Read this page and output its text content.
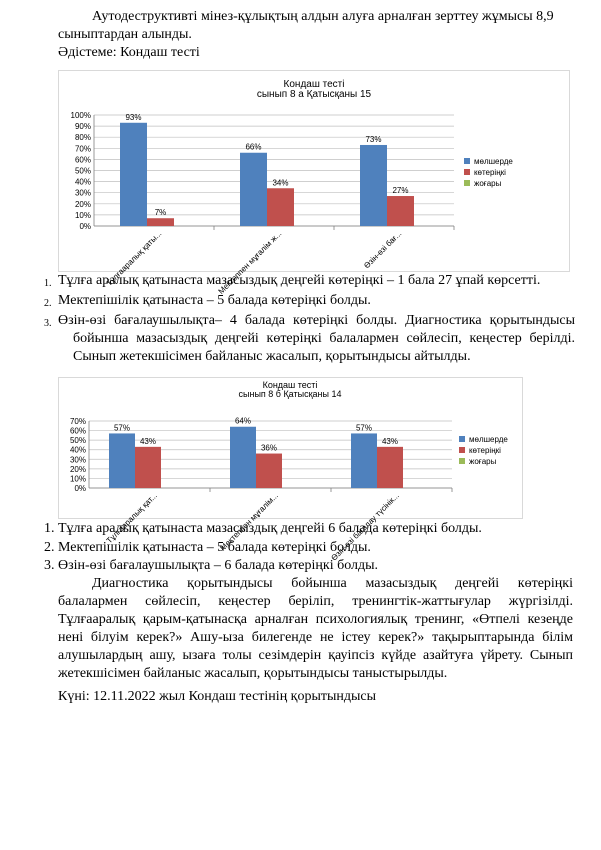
Аутодеструктивті мінез-құлықтың алдын алуға арналған зерттеу жұмысы 8,9
сыныптардан алынды.
Әдістеме: Кондаш тесті
Кондаш тесті
сынып 8 а Қатысқаны 15
0%
10%
20%
30%
40%
50%
60%
70%
80%
90%
100%	93%
7%
Тұлғааралық қаты...
66%
34%
Мектеппен мұғалім ж...
73%
27%
Өзін-өзі бағ...
мөлшерде
көтеріңкі
жоғары
1. Тұлға аралық қатынаста мазасыздық деңгейі көтеріңкі – 1 бала 27 ұпай көрсетті.
2. Мектепішілік қатынаста – 5 балада көтеріңкі болды.
3. Өзін-өзі бағалаушылықта– 4 балада көтеріңкі болды. Диагностика қорытындысы
бойынша мазасыздық деңгейі көтеріңкі балалармен сөйлесіп, кеңестер берілді.
Сынып жетекшісімен байланыс жасалып, қорытындысы айтылды.
Кондаш тесті
сынып 8 б Қатысқаны 14
0%
10%
20%
30%
40%
50%
60%
70%
57%
43%
Тұлғааралық қат...
64%
36%
Мектеппен мұғалім...
57%
43%
Өзін-өзі бағалау түсінік...
мөлшерде
көтеріңкі
жоғары
1. Тұлға аралық қатынаста мазасыздық деңгейі 6 балада көтеріңкі болды.
2. Мектепішілік қатынаста – 5 балада көтеріңкі болды.
3. Өзін-өзі бағалаушылықта – 6 балада көтеріңкі болды.
Диагностика қорытындысы бойынша мазасыздық деңгейі көтеріңкі
балалармен сөйлесіп, кеңестер беріліп, тренингтік-жаттығулар жүргізілді.
Тұлғааралық қарым-қатынасқа арналған психологиялық тренинг, «Өтпелі кезеңде
нені білуім керек?» Ашу-ыза билегенде не істеу керек?» тақырыптарында білім
алушылардың ашу, ызаға толы сезімдерін қауіпсіз күйде азайтуға үйрету. Сынып
жетекшісімен байланыс жасалып, қорытындысы таныстырылды.
Күні: 12.11.2022 жыл Кондаш тестінің қорытындысы
